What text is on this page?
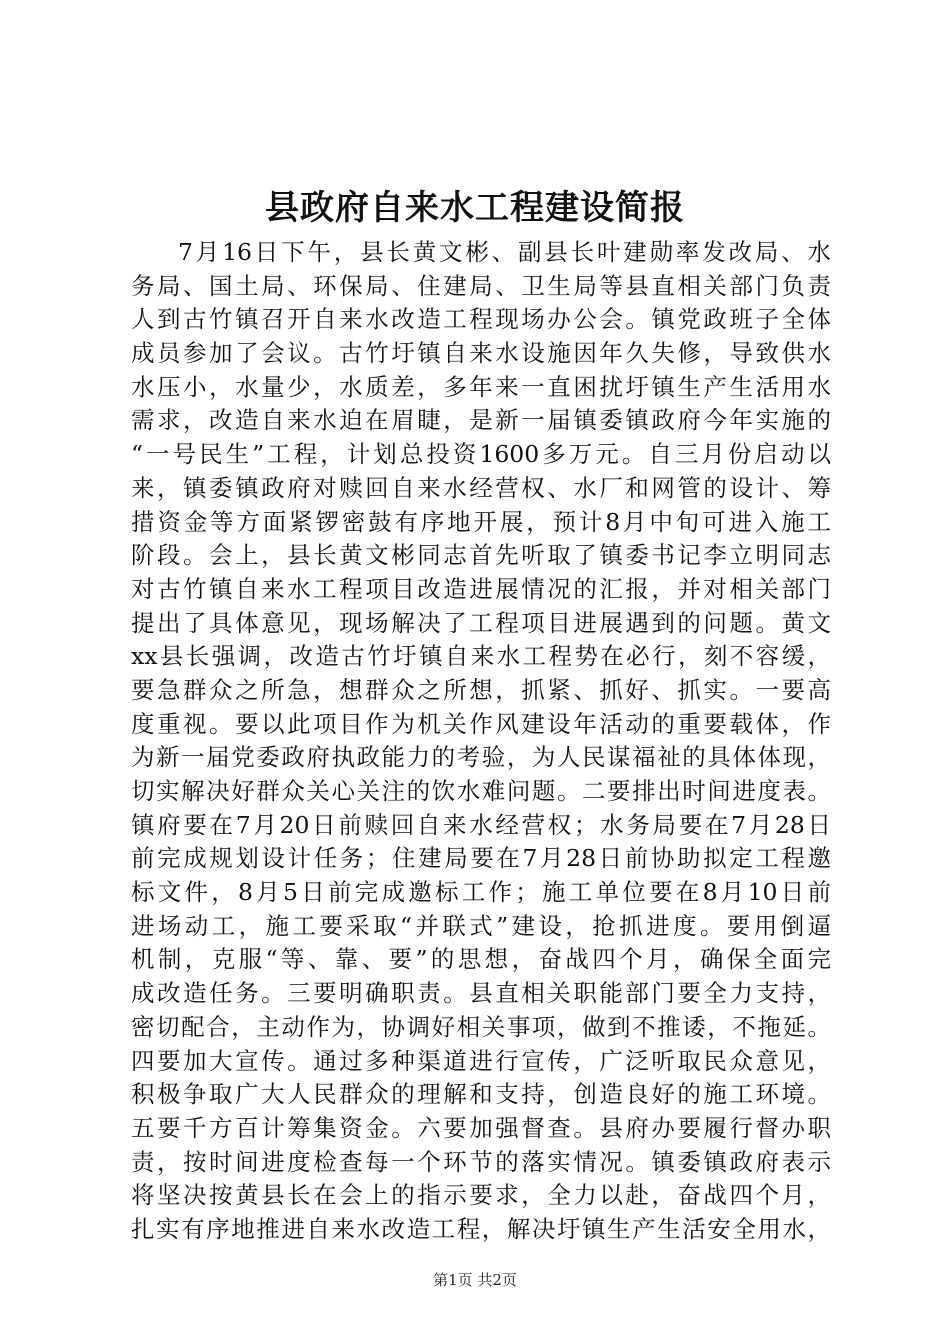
县政府自来水工程建设简报
7月16日下午，县长黄文彬、副县长叶建勋率发改局、水
务局、国土局、环保局、住建局、卫生局等县直相关部门负责
人到古竹镇召开自来水改造工程现场办公会。镇党政班子全体
成员参加了会议。古竹圩镇自来水设施因年久失修，导致供水
水压小，水量少，水质差，多年来一直困扰圩镇生产生活用水
需求，改造自来水迫在眉睫，是新一届镇委镇政府今年实施的
“一号民生”工程，计划总投资1600多万元。自三月份启动以
来，镇委镇政府对赎回自来水经营权、水厂和网管的设计、筹
措资金等方面紧锣密鼓有序地开展，预计8月中旬可进入施工
阶段。会上，县长黄文彬同志首先听取了镇委书记李立明同志
对古竹镇自来水工程项目改造进展情况的汇报，并对相关部门
提出了具体意见，现场解决了工程项目进展遇到的问题。黄文
xx县长强调，改造古竹圩镇自来水工程势在必行，刻不容缓，
要急群众之所急，想群众之所想，抓紧、抓好、抓实。一要高
度重视。要以此项目作为机关作风建设年活动的重要载体，作
为新一届党委政府执政能力的考验，为人民谋福祉的具体体现，
切实解决好群众关心关注的饮水难问题。二要排出时间进度表。
镇府要在7月20日前赎回自来水经营权；水务局要在7月28日
前完成规划设计任务；住建局要在7月28日前协助拟定工程邀
标文件，8月5日前完成邀标工作；施工单位要在8月10日前
进场动工，施工要采取“并联式”建设，抢抓进度。要用倒逼
机制，克服“等、靠、要”的思想，奋战四个月，确保全面完
成改造任务。三要明确职责。县直相关职能部门要全力支持，
密切配合，主动作为，协调好相关事项，做到不推诿，不拖延。
四要加大宣传。通过多种渠道进行宣传，广泛听取民众意见，
积极争取广大人民群众的理解和支持，创造良好的施工环境。
五要千方百计筹集资金。六要加强督查。县府办要履行督办职
责，按时间进度检查每一个环节的落实情况。镇委镇政府表示
将坚决按黄县长在会上的指示要求，全力以赴，奋战四个月，
扎实有序地推进自来水改造工程，解决圩镇生产生活安全用水，
第1页 共2页
